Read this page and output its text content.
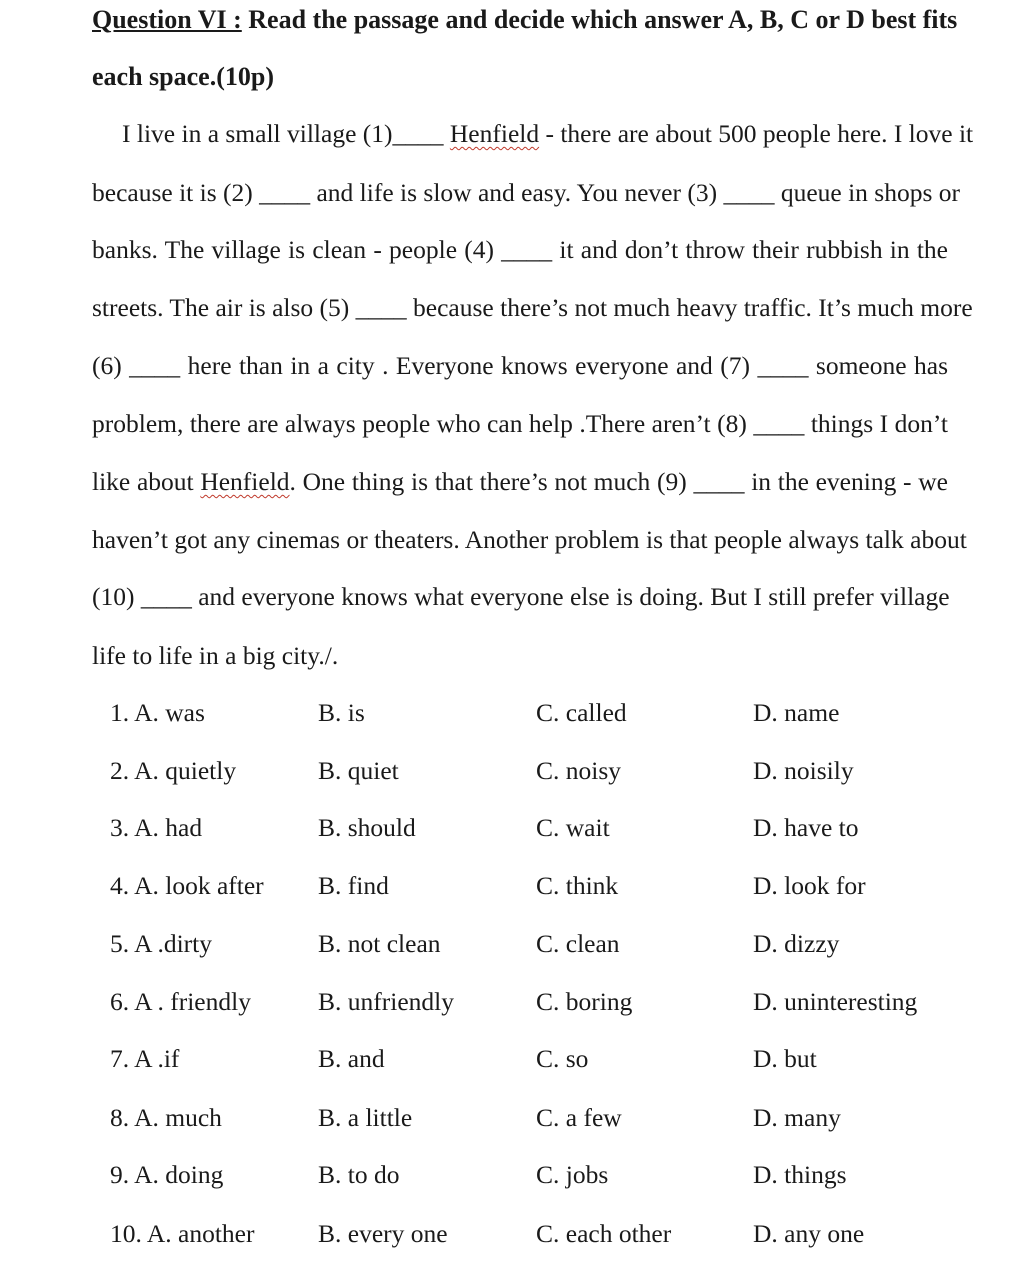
Question VI : Read the passage and decide which answer A, B, C or D best fits
each space.(10p)
I live in a small village (1)____ Henfield - there are about 500 people here. I love it
because it is (2) ____ and life is slow and easy. You never (3) ____ queue in shops or
banks. The village is clean - people (4) ____ it and don’t throw their rubbish in the
streets. The air is also (5) ____ because there’s not much heavy traffic. It’s much more
(6) ____ here than in a city . Everyone knows everyone and (7) ____ someone has
problem, there are always people who can help .There aren’t (8) ____ things I don’t
like about Henfield. One thing is that there’s not much (9) ____ in the evening - we
haven’t got any cinemas or theaters. Another problem is that people always talk about
(10) ____ and everyone knows what everyone else is doing. But I still prefer village
life to life in a big city./.
1. A. was	B. is	C. called	D. name
2. A. quietly	B. quiet	C. noisy	D. noisily
3. A. had	B. should	C. wait	D. have to
4. A. look after B. find	C. think	D. look for
5. A .dirty	B. not clean	C. clean	D. dizzy
6. A . friendly	B. unfriendly	C. boring	D. uninteresting
7. A .if	B. and	C. so	D. but
8. A. much	B. a little	C. a few	D. many
9. A. doing	B. to do	C. jobs	D. things
10. A. another B. every one	C. each other	D. any one
